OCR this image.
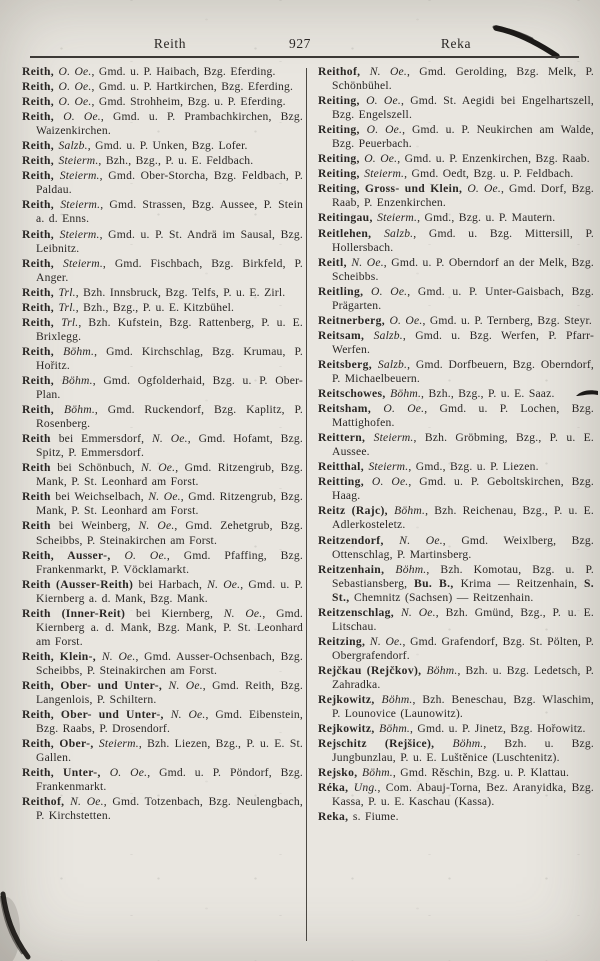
Reith	927	Reka

Reith, O. Oe., Gmd. u. P. Haibach, Bzg. Eferding.

Reith, O. Oe., Gmd. u. P. Hartkirchen, Bzg. Eferding.

Reith, O. Oe., Gmd. Strohheim, Bzg. u. P. Eferding.

Reith, O. Oe., Gmd. u. P. Prambachkirchen, Bzg. Waizenkirchen.

Reith, Salzb., Gmd. u. P. Unken, Bzg. Lofer.

Reith, Steierm., Bzh., Bzg., P. u. E. Feldbach.

Reith, Steierm., Gmd. Ober-Storcha, Bzg. Feldbach, P. Paldau.

Reith, Steierm., Gmd. Strassen, Bzg. Aussee, P. Stein a. d. Enns.

Reith, Steierm., Gmd. u. P. St. Andrä im Sausal, Bzg. Leibnitz.

Reith, Steierm., Gmd. Fischbach, Bzg. Birkfeld, P. Anger.

Reith, Trl., Bzh. Innsbruck, Bzg. Telfs, P. u. E. Zirl.

Reith, Trl., Bzh., Bzg., P. u. E. Kitzbühel.

Reith, Trl., Bzh. Kufstein, Bzg. Rattenberg, P. u. E. Brixlegg.

Reith, Böhm., Gmd. Kirchschlag, Bzg. Krumau, P. Hořitz.

Reith, Böhm., Gmd. Ogfolderhaid, Bzg. u. P. Ober-Plan.

Reith, Böhm., Gmd. Ruckendorf, Bzg. Kaplitz, P. Rosenberg.

Reith bei Emmersdorf, N. Oe., Gmd. Hofamt, Bzg. Spitz, P. Emmersdorf.

Reith bei Schönbuch, N. Oe., Gmd. Ritzengrub, Bzg. Mank, P. St. Leonhard am Forst.

Reith bei Weichselbach, N. Oe., Gmd. Ritzengrub, Bzg. Mank, P. St. Leonhard am Forst.

Reith bei Weinberg, N. Oe., Gmd. Zehetgrub, Bzg. Scheibbs, P. Steinakirchen am Forst.

Reith, Ausser-, O. Oe., Gmd. Pfaffing, Bzg. Frankenmarkt, P. Vöcklamarkt.

Reith (Ausser-Reith) bei Harbach, N. Oe., Gmd. u. P. Kiernberg a. d. Mank, Bzg. Mank.

Reith (Inner-Reit) bei Kiernberg, N. Oe., Gmd. Kiernberg a. d. Mank, Bzg. Mank, P. St. Leonhard am Forst.

Reith, Klein-, N. Oe., Gmd. Ausser-Ochsenbach, Bzg. Scheibbs, P. Steinakirchen am Forst.

Reith, Ober- und Unter-, N. Oe., Gmd. Reith, Bzg. Langenlois, P. Schiltern.

Reith, Ober- und Unter-, N. Oe., Gmd. Eibenstein, Bzg. Raabs, P. Drosendorf.

Reith, Ober-, Steierm., Bzh. Liezen, Bzg., P. u. E. St. Gallen.

Reith, Unter-, O. Oe., Gmd. u. P. Pöndorf, Bzg. Frankenmarkt.

Reithof, N. Oe., Gmd. Totzenbach, Bzg. Neulengbach, P. Kirchstetten.

Reithof, N. Oe., Gmd. Gerolding, Bzg. Melk, P. Schönbühel.

Reiting, O. Oe., Gmd. St. Aegidi bei Engelhartszell, Bzg. Engelszell.

Reiting, O. Oe., Gmd. u. P. Neukirchen am Walde, Bzg. Peuerbach.

Reiting, O. Oe., Gmd. u. P. Enzenkirchen, Bzg. Raab.

Reiting, Steierm., Gmd. Oedt, Bzg. u. P. Feldbach.

Reiting, Gross- und Klein, O. Oe., Gmd. Dorf, Bzg. Raab, P. Enzenkirchen.

Reitingau, Steierm., Gmd., Bzg. u. P. Mautern.

Reitlehen, Salzb., Gmd. u. Bzg. Mittersill, P. Hollersbach.

Reitl, N. Oe., Gmd. u. P. Oberndorf an der Melk, Bzg. Scheibbs.

Reitling, O. Oe., Gmd. u. P. Unter-Gaisbach, Bzg. Prägarten.

Reitnerberg, O. Oe., Gmd. u. P. Ternberg, Bzg. Steyr.

Reitsam, Salzb., Gmd. u. Bzg. Werfen, P. Pfarr-Werfen.

Reitsberg, Salzb., Gmd. Dorfbeuern, Bzg. Oberndorf, P. Michaelbeuern.

Reitschowes, Böhm., Bzh., Bzg., P. u. E. Saaz.

Reitsham, O. Oe., Gmd. u. P. Lochen, Bzg. Mattighofen.

Reittern, Steierm., Bzh. Gröbming, Bzg., P. u. E. Aussee.

Reitthal, Steierm., Gmd., Bzg. u. P. Liezen.

Reitting, O. Oe., Gmd. u. P. Geboltskirchen, Bzg. Haag.

Reitz (Rajc), Böhm., Bzh. Reichenau, Bzg., P. u. E. Adlerkosteletz.

Reitzendorf, N. Oe., Gmd. Weixlberg, Bzg. Ottenschlag, P. Martinsberg.

Reitzenhain, Böhm., Bzh. Komotau, Bzg. u. P. Sebastiansberg, Bu. B., Krima — Reitzenhain, S. St., Chemnitz (Sachsen) — Reitzenhain.

Reitzenschlag, N. Oe., Bzh. Gmünd, Bzg., P. u. E. Litschau.

Reitzing, N. Oe., Gmd. Grafendorf, Bzg. St. Pölten, P. Obergrafendorf.

Rejčkau (Rejčkov), Böhm., Bzh. u. Bzg. Ledetsch, P. Zahradka.

Rejkowitz, Böhm., Bzh. Beneschau, Bzg. Wlaschim, P. Lounovice (Launowitz).

Rejkowitz, Böhm., Gmd. u. P. Jinetz, Bzg. Hořowitz.

Rejschitz (Rejšice), Böhm., Bzh. u. Bzg. Jungbunzlau, P. u. E. Luštěnice (Luschtenitz).

Rejsko, Böhm., Gmd. Rěschin, Bzg. u. P. Klattau.

Réka, Ung., Com. Abauj-Torna, Bez. Aranyidka, Bzg. Kassa, P. u. E. Kaschau (Kassa).

Reka, s. Fiume.
